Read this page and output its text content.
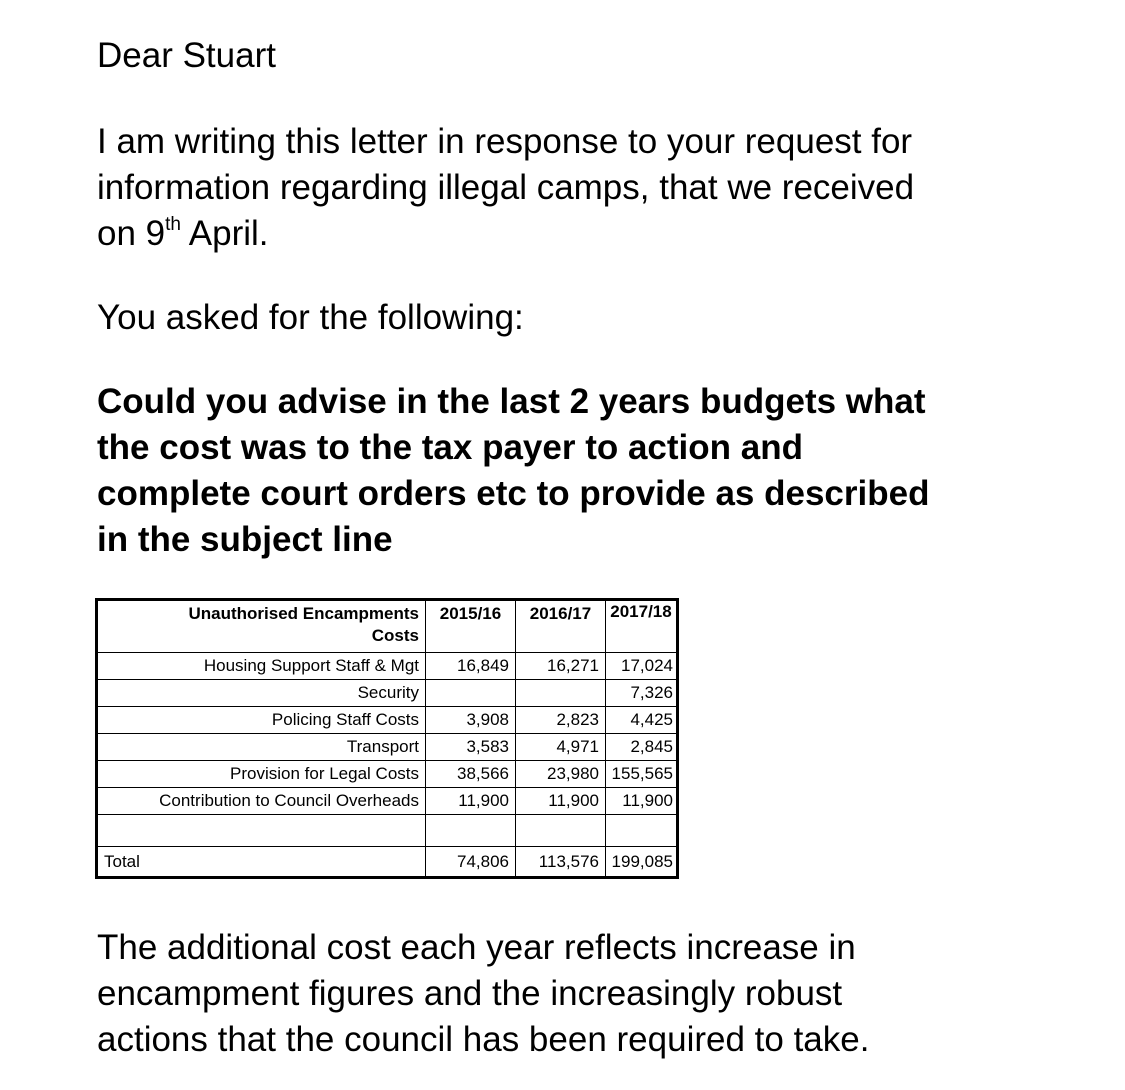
Dear Stuart

I am writing this letter in response to your request for
information regarding illegal camps, that we received
on 9th April.

You asked for the following:

Could you advise in the last 2 years budgets what
the cost was to the tax payer to action and
complete court orders etc to provide as described
in the subject line

Unauthorised Encampments
Costs	2015/16	2016/17	2017/18
Housing Support Staff & Mgt	16,849	16,271	17,024
Security			7,326
Policing Staff Costs	3,908	2,823	4,425
Transport	3,583	4,971	2,845
Provision for Legal Costs	38,566	23,980	155,565
Contribution to Council Overheads	11,900	11,900	11,900

Total	74,806	113,576	199,085

The additional cost each year reflects increase in
encampment figures and the increasingly robust
actions that the council has been required to take.
